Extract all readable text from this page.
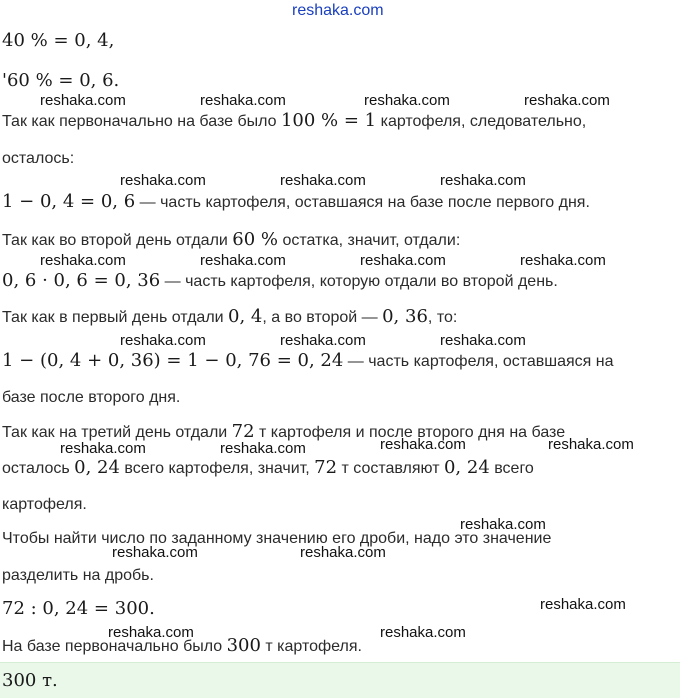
reshaka.com
40 % = 0, 4,
'60 % = 0, 6.
Так как первоначально на базе было 100 % = 1 картофеля, следовательно,
осталось:
1 − 0, 4 = 0, 6 — часть картофеля, оставшаяся на базе после первого дня.
Так как во второй день отдали 60 % остатка, значит, отдали:
0, 6 · 0, 6 = 0, 36 — часть картофеля, которую отдали во второй день.
Так как в первый день отдали 0, 4, а во второй — 0, 36, то:
1 − (0, 4 + 0, 36) = 1 − 0, 76 = 0, 24 — часть картофеля, оставшаяся на
базе после второго дня.
Так как на третий день отдали 72 т картофеля и после второго дня на базе
осталось 0, 24 всего картофеля, значит, 72 т составляют 0, 24 всего
картофеля.
Чтобы найти число по заданному значению его дроби, надо это значение
разделить на дробь.
72 : 0, 24 = 300.
На базе первоначально было 300 т картофеля.
300 т.
reshaka.com	reshaka.com	reshaka.com	reshaka.com
reshaka.com	reshaka.com	reshaka.com
reshaka.com	reshaka.com	reshaka.com	reshaka.com
reshaka.com	reshaka.com	reshaka.com
reshaka.com	reshaka.com	reshaka.com	reshaka.com
reshaka.com
reshaka.com	reshaka.com
reshaka.com
reshaka.com	reshaka.com
